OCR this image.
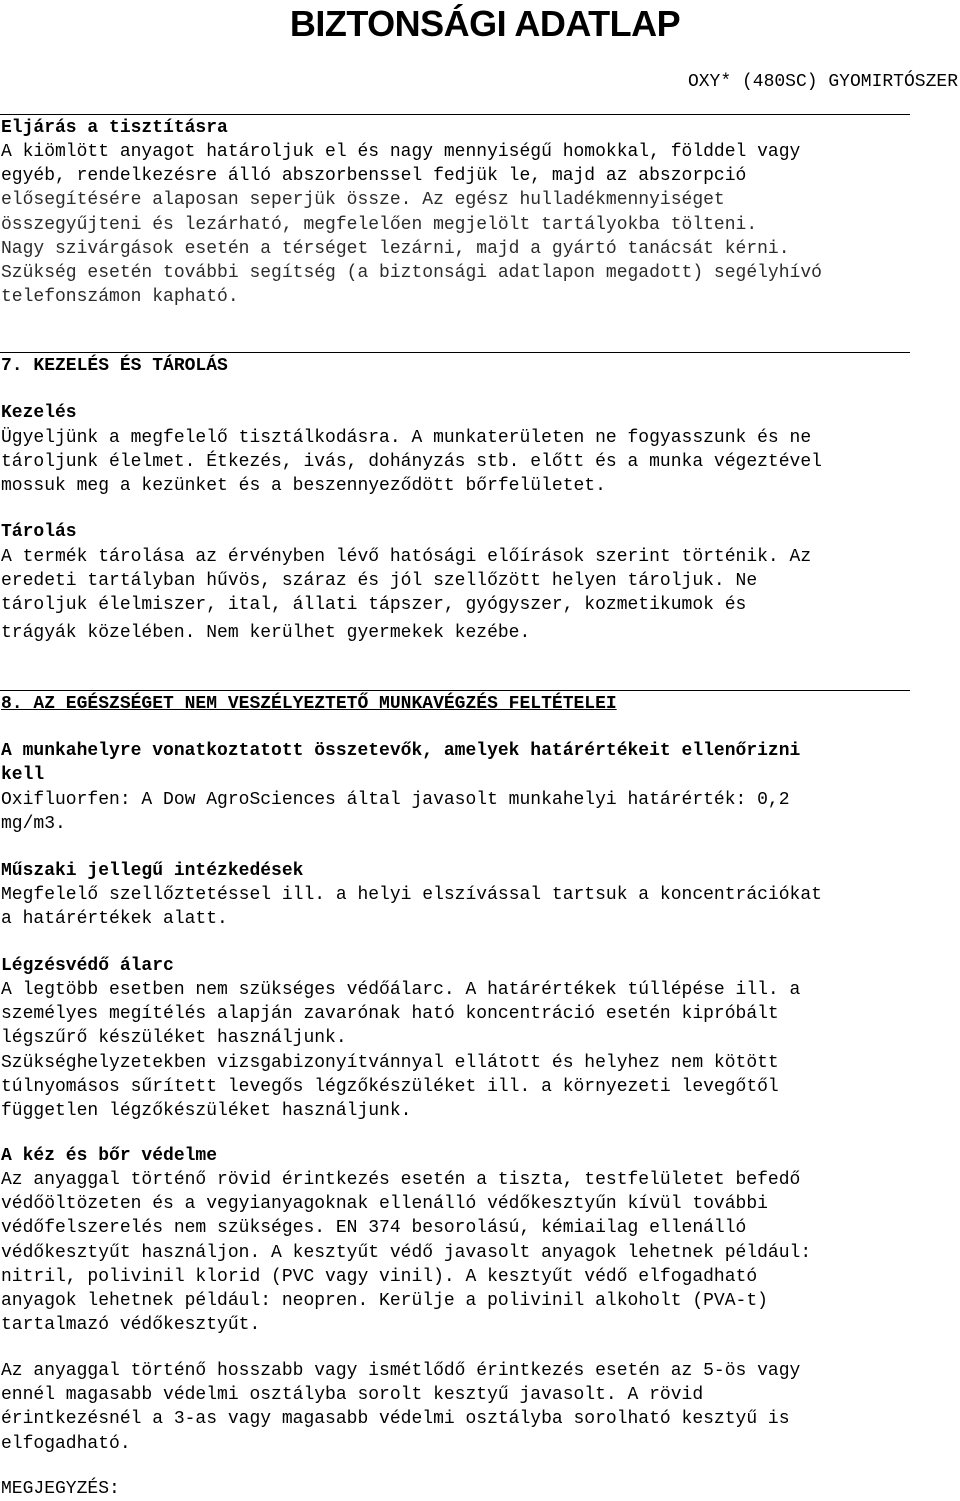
BIZTONSÁGI ADATLAP
OXY* (480SC) GYOMIRTÓSZER
Eljárás a tisztításra
A kiömlött anyagot határoljuk el és nagy mennyiségű homokkal, földdel vagy
egyéb, rendelkezésre álló abszorbenssel fedjük le, majd az abszorpció
elősegítésére alaposan seperjük össze. Az egész hulladékmennyiséget
összegyűjteni és lezárható, megfelelően megjelölt tartályokba tölteni.
Nagy szivárgások esetén a térséget lezárni, majd a gyártó tanácsát kérni.
Szükség esetén további segítség (a biztonsági adatlapon megadott) segélyhívó
telefonszámon kapható.
7. KEZELÉS ÉS TÁROLÁS
Kezelés
Ügyeljünk a megfelelő tisztálkodásra. A munkaterületen ne fogyasszunk és ne
tároljunk élelmet. Étkezés, ivás, dohányzás stb. előtt és a munka végeztével
mossuk meg a kezünket és a beszennyeződött bőrfelületet.
Tárolás
A termék tárolása az érvényben lévő hatósági előírások szerint történik. Az
eredeti tartályban hűvös, száraz és jól szellőzött helyen tároljuk. Ne
tároljuk élelmiszer, ital, állati tápszer, gyógyszer, kozmetikumok és
trágyák közelében. Nem kerülhet gyermekek kezébe.
8. AZ EGÉSZSÉGET NEM VESZÉLYEZTETŐ MUNKAVÉGZÉS FELTÉTELEI
A munkahelyre vonatkoztatott összetevők, amelyek határértékeit ellenőrizni
kell
Oxifluorfen: A Dow AgroSciences által javasolt munkahelyi határérték: 0,2
mg/m3.
Műszaki jellegű intézkedések
Megfelelő szellőztetéssel ill. a helyi elszívással tartsuk a koncentrációkat
a határértékek alatt.
Légzésvédő álarc
A legtöbb esetben nem szükséges védőálarc. A határértékek túllépése ill. a
személyes megítélés alapján zavarónak ható koncentráció esetén kipróbált
légszűrő készüléket használjunk.
Szükséghelyzetekben vizsgabizonyítvánnyal ellátott és helyhez nem kötött
túlnyomásos sűrített levegős légzőkészüléket ill. a környezeti levegőtől
független légzőkészüléket használjunk.
A kéz és bőr védelme
Az anyaggal történő rövid érintkezés esetén a tiszta, testfelületet befedő
védőöltözeten és a vegyianyagoknak ellenálló védőkesztyűn kívül további
védőfelszerelés nem szükséges. EN 374 besorolású, kémiailag ellenálló
védőkesztyűt használjon. A kesztyűt védő javasolt anyagok lehetnek például:
nitril, polivinil klorid (PVC vagy vinil). A kesztyűt védő elfogadható
anyagok lehetnek például: neopren. Kerülje a polivinil alkoholt (PVA-t)
tartalmazó védőkesztyűt.
Az anyaggal történő hosszabb vagy ismétlődő érintkezés esetén az 5-ös vagy
ennél magasabb védelmi osztályba sorolt kesztyű javasolt. A rövid
érintkezésnél a 3-as vagy magasabb védelmi osztályba sorolható kesztyű is
elfogadható.
MEGJEGYZÉS:
